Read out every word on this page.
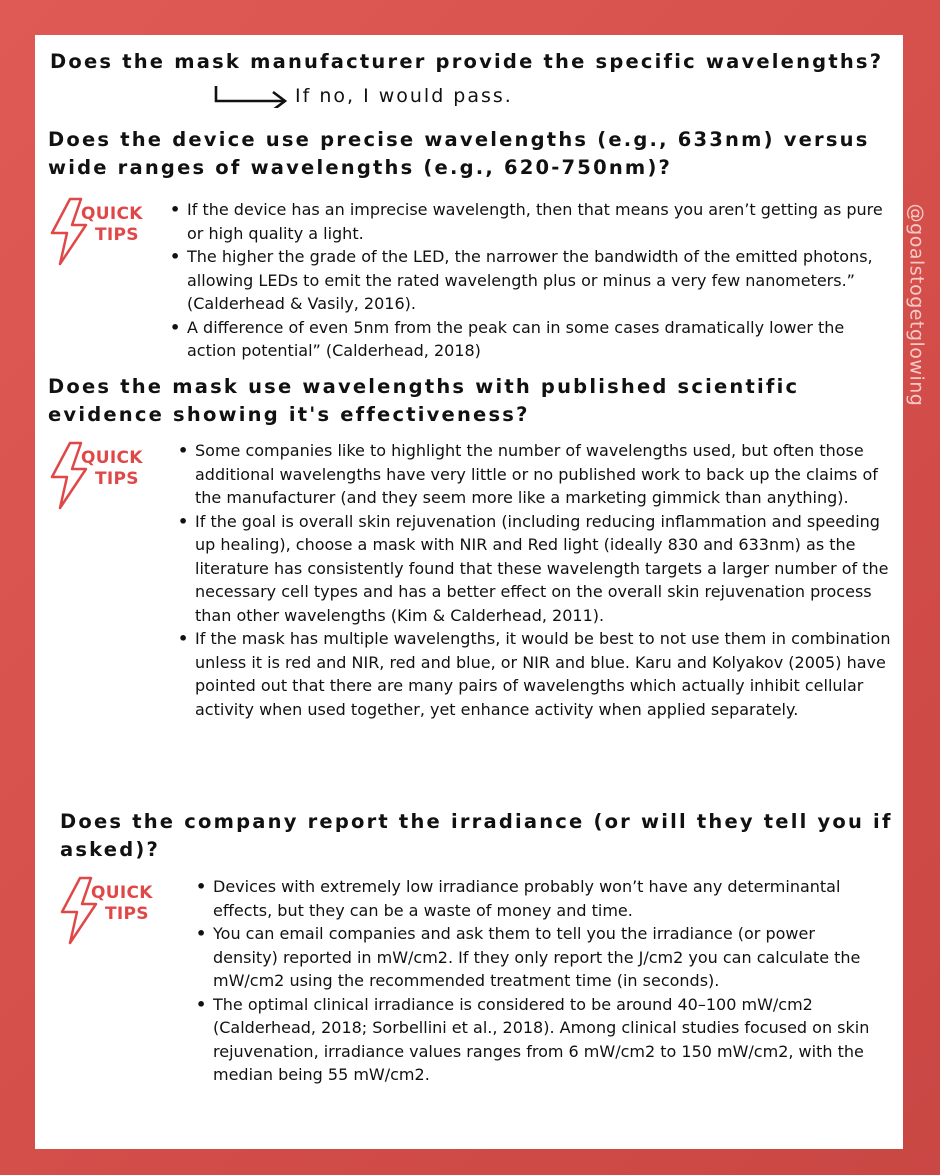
@goalstogetglowing
Does the mask manufacturer provide the specific wavelengths?
If no, I would pass.
Does the device use precise wavelengths (e.g., 633nm) versus wide ranges of wavelengths (e.g., 620-750nm)?
QUICK
TIPS
• If the device has an imprecise wavelength, then that means you aren’t getting as pure or high quality a light.
• The higher the grade of the LED, the narrower the bandwidth of the emitted photons, allowing LEDs to emit the rated wavelength plus or minus a very few nanometers.” (Calderhead & Vasily, 2016).
• A difference of even 5nm from the peak can in some cases dramatically lower the action potential” (Calderhead, 2018)
Does the mask use wavelengths with published scientific evidence showing it's effectiveness?
QUICK
TIPS
• Some companies like to highlight the number of wavelengths used, but often those additional wavelengths have very little or no published work to back up the claims of the manufacturer (and they seem more like a marketing gimmick than anything).
• If the goal is overall skin rejuvenation (including reducing inflammation and speeding up healing), choose a mask with NIR and Red light (ideally 830 and 633nm) as the literature has consistently found that these wavelength targets a larger number of the necessary cell types and has a better effect on the overall skin rejuvenation process than other wavelengths (Kim & Calderhead, 2011).
• If the mask has multiple wavelengths, it would be best to not use them in combination unless it is red and NIR, red and blue, or NIR and blue. Karu and Kolyakov (2005) have pointed out that there are many pairs of wavelengths which actually inhibit cellular activity when used together, yet enhance activity when applied separately.
Does the company report the irradiance (or will they tell you if asked)?
QUICK
TIPS
• Devices with extremely low irradiance probably won’t have any determinantal effects, but they can be a waste of money and time.
• You can email companies and ask them to tell you the irradiance (or power density) reported in mW/cm2. If they only report the J/cm2 you can calculate the mW/cm2 using the recommended treatment time (in seconds).
• The optimal clinical irradiance is considered to be around 40–100 mW/cm2 (Calderhead, 2018; Sorbellini et al., 2018). Among clinical studies focused on skin rejuvenation, irradiance values ranges from 6 mW/cm2 to 150 mW/cm2, with the median being 55 mW/cm2.
